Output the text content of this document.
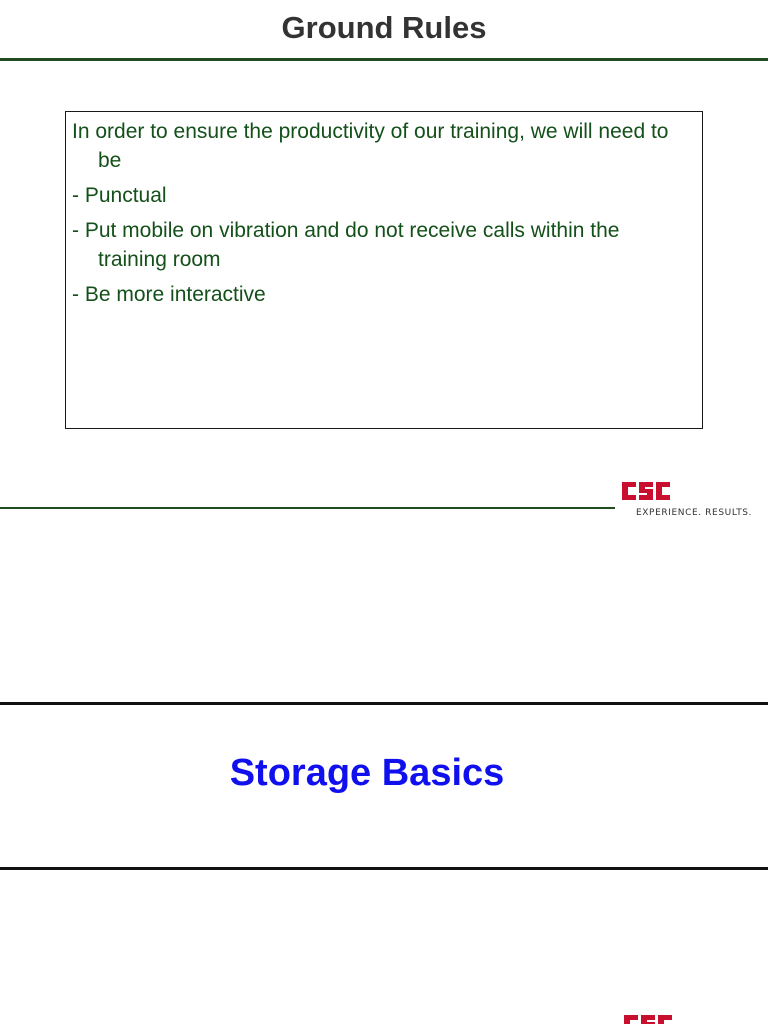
Ground Rules

In order to ensure the productivity of our training, we will need to be

- Punctual

- Put mobile on vibration and do not receive calls within the training room

- Be more interactive

EXPERIENCE. RESULTS.
Storage Basics
